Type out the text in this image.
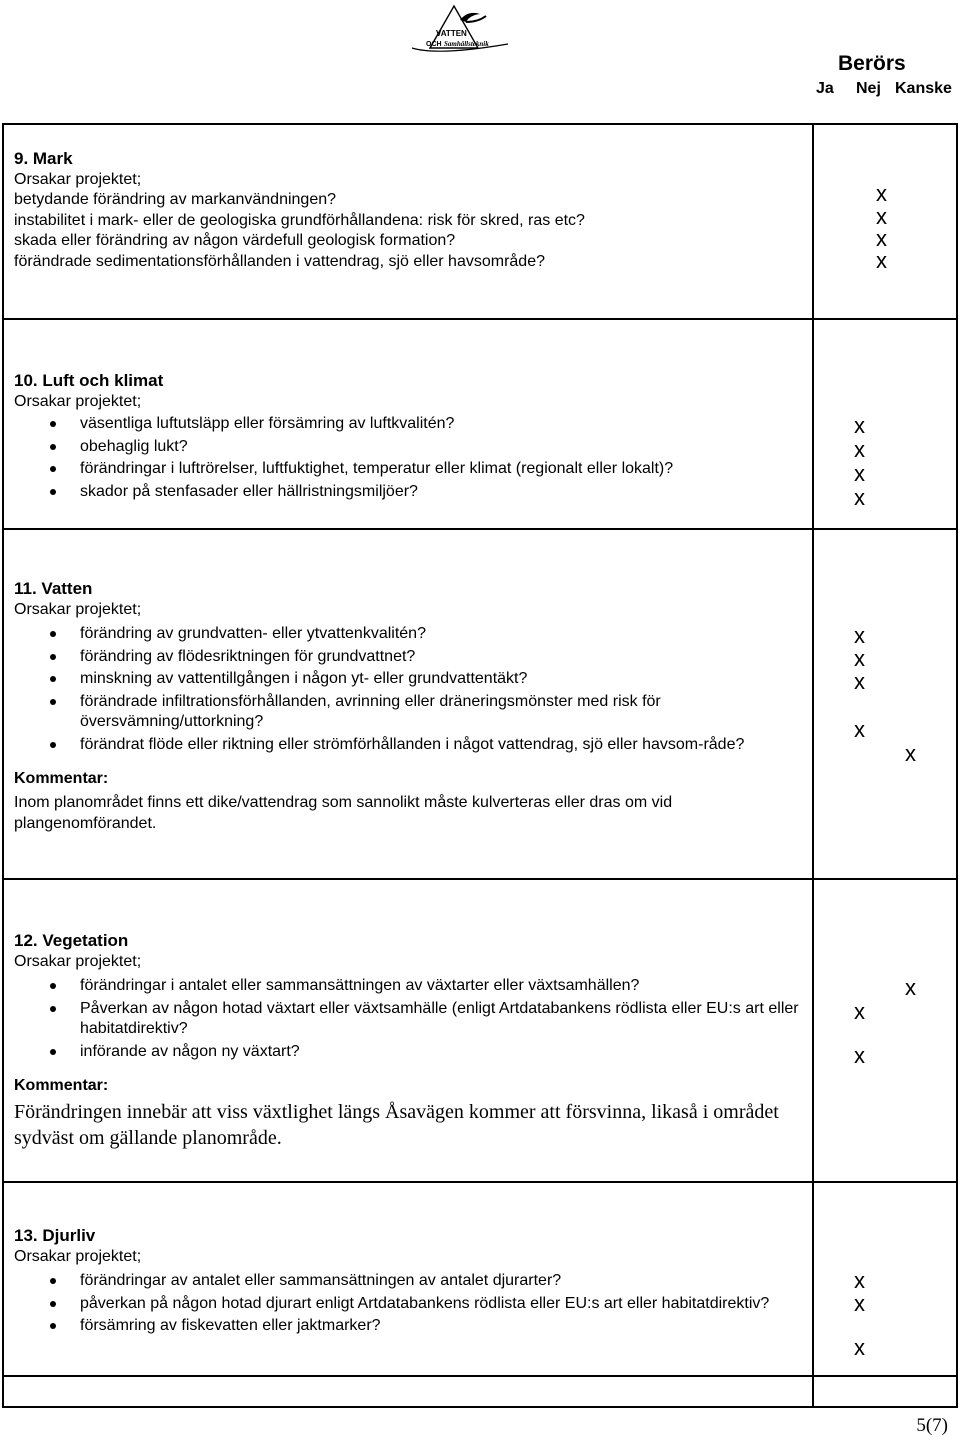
VATTEN
OCH Samhällsteknik
Berörs
Ja Nej Kanske
9. Mark
Orsakar projektet;
betydande förändring av markanvändningen?
instabilitet i mark- eller de geologiska grundförhållandena: risk för skred, ras etc?
skada eller förändring av någon värdefull geologisk formation?
förändrade sedimentationsförhållanden i vattendrag, sjö eller havsområde?
x
x
x
x
10. Luft och klimat
Orsakar projektet;
väsentliga luftutsläpp eller försämring av luftkvalitén?
obehaglig lukt?
förändringar i luftrörelser, luftfuktighet, temperatur eller klimat (regionalt eller lokalt)?
skador på stenfasader eller hällristningsmiljöer?
x
x
x
x
11. Vatten
Orsakar projektet;
förändring av grundvatten- eller ytvattenkvalitén?
förändring av flödesriktningen för grundvattnet?
minskning av vattentillgången i någon yt- eller grundvattentäkt?
förändrade infiltrationsförhållanden, avrinning eller dräneringsmönster med risk för översvämning/uttorkning?
förändrat flöde eller riktning eller strömförhållanden i något vattendrag, sjö eller havsom-råde?
Kommentar:
Inom planområdet finns ett dike/vattendrag som sannolikt måste kulverteras eller dras om vid plangenomförandet.
x
x
x
x
x
12. Vegetation
Orsakar projektet;
förändringar i antalet eller sammansättningen av växtarter eller växtsamhällen?
Påverkan av någon hotad växtart eller växtsamhälle (enligt Artdatabankens rödlista eller EU:s art eller habitatdirektiv?
införande av någon ny växtart?
Kommentar:
Förändringen innebär att viss växtlighet längs Åsavägen kommer att försvinna, likaså i området sydväst om gällande planområde.
x
x
x
13. Djurliv
Orsakar projektet;
förändringar av antalet eller sammansättningen av antalet djurarter?
påverkan på någon hotad djurart enligt Artdatabankens rödlista eller EU:s art eller habitatdirektiv?
försämring av fiskevatten eller jaktmarker?
x
x
x
5(7)
